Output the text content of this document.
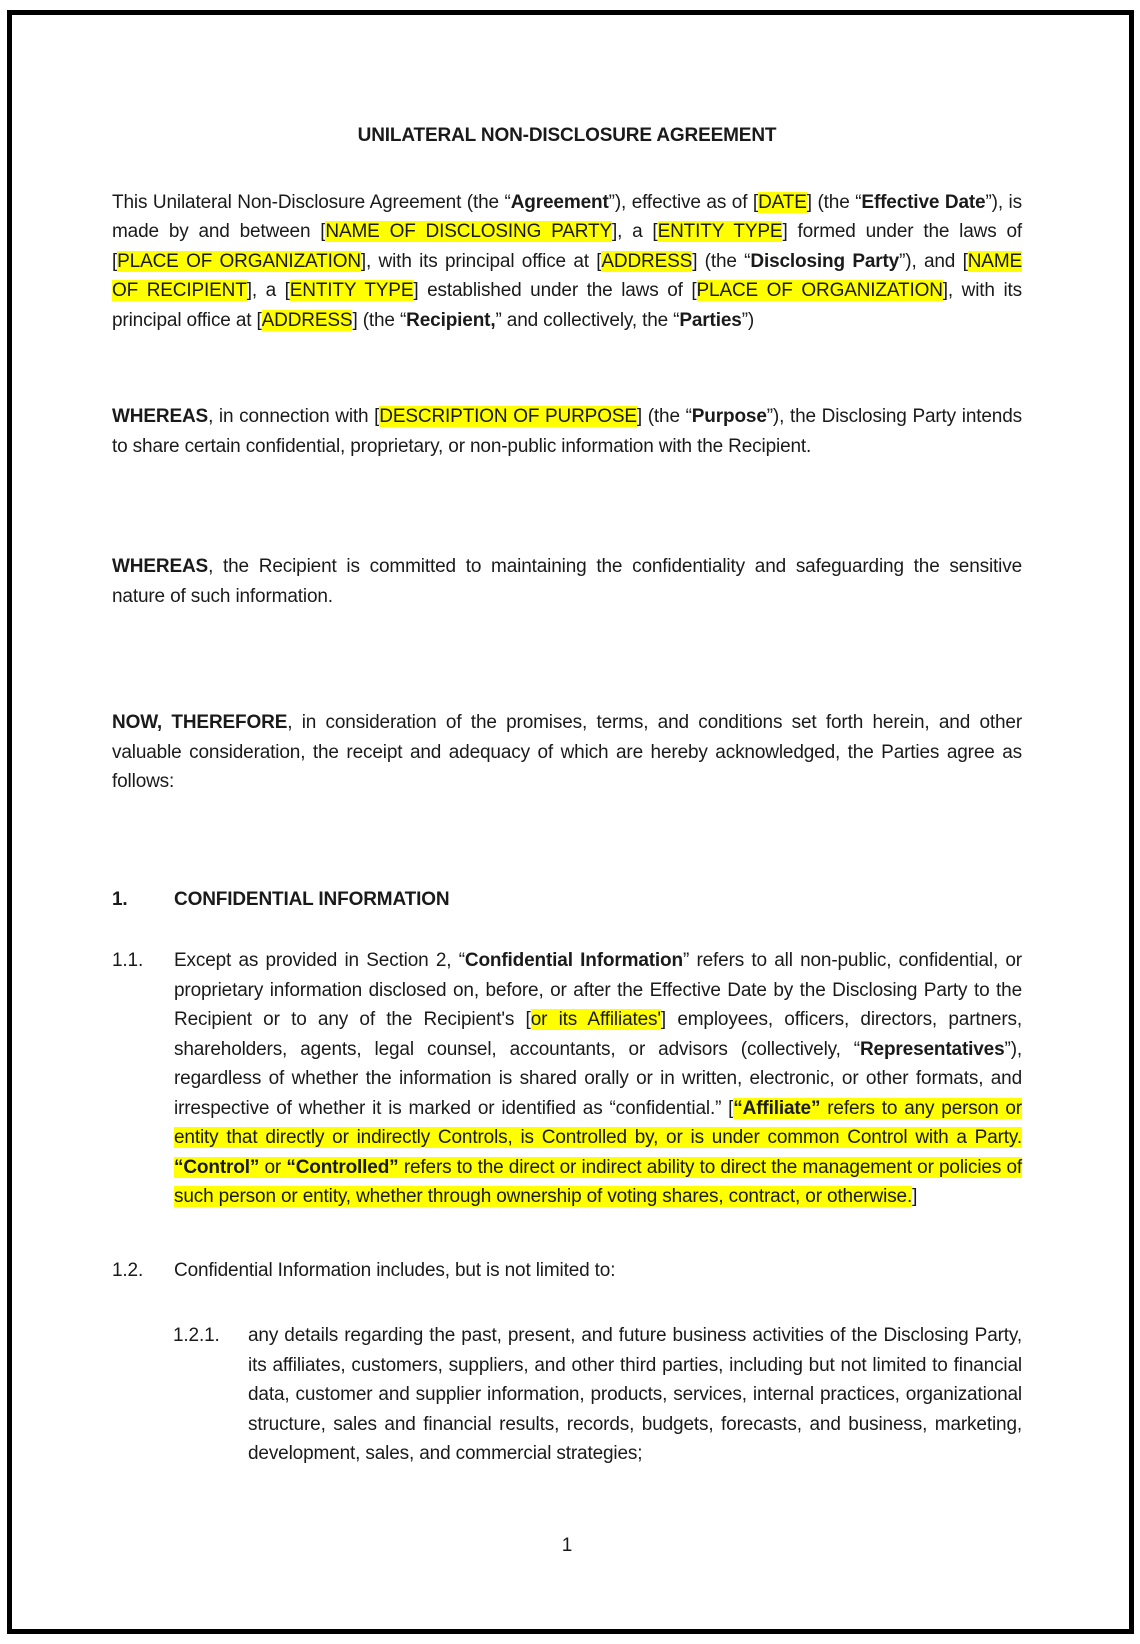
UNILATERAL NON-DISCLOSURE AGREEMENT

This Unilateral Non-Disclosure Agreement (the “Agreement”), effective as of [DATE] (the “Effective Date”), is made by and between [NAME OF DISCLOSING PARTY], a [ENTITY TYPE] formed under the laws of [PLACE OF ORGANIZATION], with its principal office at [ADDRESS] (the “Disclosing Party”), and [NAME OF RECIPIENT], a [ENTITY TYPE] established under the laws of [PLACE OF ORGANIZATION], with its principal office at [ADDRESS] (the “Recipient,” and collectively, the “Parties”)

WHEREAS, in connection with [DESCRIPTION OF PURPOSE] (the “Purpose”), the Disclosing Party intends to share certain confidential, proprietary, or non-public information with the Recipient.

WHEREAS, the Recipient is committed to maintaining the confidentiality and safeguarding the sensitive nature of such information.

NOW, THEREFORE, in consideration of the promises, terms, and conditions set forth herein, and other valuable consideration, the receipt and adequacy of which are hereby acknowledged, the Parties agree as follows:

1.	CONFIDENTIAL INFORMATION
1.1.	Except as provided in Section 2, “Confidential Information” refers to all non-public, confidential, or proprietary information disclosed on, before, or after the Effective Date by the Disclosing Party to the Recipient or to any of the Recipient's [or its Affiliates'] employees, officers, directors, partners, shareholders, agents, legal counsel, accountants, or advisors (collectively, “Representatives”), regardless of whether the information is shared orally or in written, electronic, or other formats, and irrespective of whether it is marked or identified as “confidential.” [“Affiliate” refers to any person or entity that directly or indirectly Controls, is Controlled by, or is under common Control with a Party. “Control” or “Controlled” refers to the direct or indirect ability to direct the management or policies of such person or entity, whether through ownership of voting shares, contract, or otherwise.]
1.2.	Confidential Information includes, but is not limited to:
1.2.1.	any details regarding the past, present, and future business activities of the Disclosing Party, its affiliates, customers, suppliers, and other third parties, including but not limited to financial data, customer and supplier information, products, services, internal practices, organizational structure, sales and financial results, records, budgets, forecasts, and business, marketing, development, sales, and commercial strategies;
1
